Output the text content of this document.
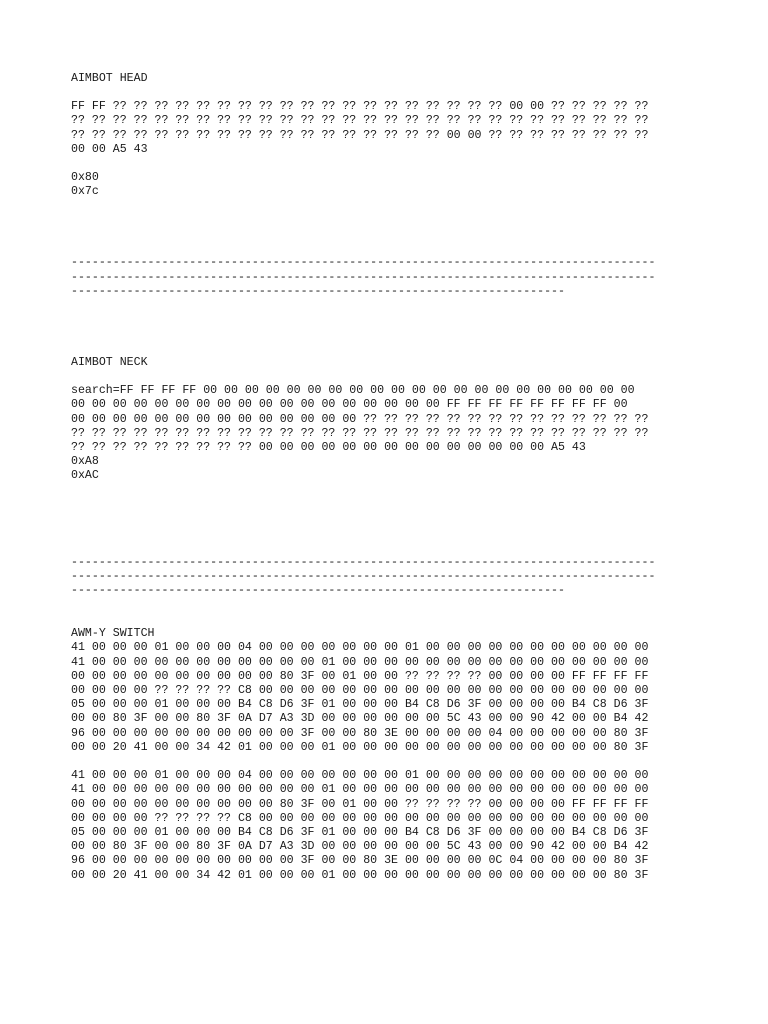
AIMBOT HEAD
FF FF ?? ?? ?? ?? ?? ?? ?? ?? ?? ?? ?? ?? ?? ?? ?? ?? ?? ?? ?? 00 00 ?? ?? ?? ?? ??
?? ?? ?? ?? ?? ?? ?? ?? ?? ?? ?? ?? ?? ?? ?? ?? ?? ?? ?? ?? ?? ?? ?? ?? ?? ?? ?? ??
?? ?? ?? ?? ?? ?? ?? ?? ?? ?? ?? ?? ?? ?? ?? ?? ?? ?? 00 00 ?? ?? ?? ?? ?? ?? ?? ??
00 00 A5 43
0x80
0x7c
------------------------------------------------------------------------------------
------------------------------------------------------------------------------------
-----------------------------------------------------------------------
AIMBOT NECK
search=FF FF FF FF 00 00 00 00 00 00 00 00 00 00 00 00 00 00 00 00 00 00 00 00 00
00 00 00 00 00 00 00 00 00 00 00 00 00 00 00 00 00 00 FF FF FF FF FF FF FF FF 00
00 00 00 00 00 00 00 00 00 00 00 00 00 00 ?? ?? ?? ?? ?? ?? ?? ?? ?? ?? ?? ?? ?? ??
?? ?? ?? ?? ?? ?? ?? ?? ?? ?? ?? ?? ?? ?? ?? ?? ?? ?? ?? ?? ?? ?? ?? ?? ?? ?? ?? ??
?? ?? ?? ?? ?? ?? ?? ?? ?? 00 00 00 00 00 00 00 00 00 00 00 00 00 00 A5 43
0xA8
0xAC
------------------------------------------------------------------------------------
------------------------------------------------------------------------------------
-----------------------------------------------------------------------
AWM-Y SWITCH
41 00 00 00 01 00 00 00 04 00 00 00 00 00 00 00 01 00 00 00 00 00 00 00 00 00 00 00
41 00 00 00 00 00 00 00 00 00 00 00 01 00 00 00 00 00 00 00 00 00 00 00 00 00 00 00
00 00 00 00 00 00 00 00 00 00 80 3F 00 01 00 00 ?? ?? ?? ?? 00 00 00 00 FF FF FF FF
00 00 00 00 ?? ?? ?? ?? C8 00 00 00 00 00 00 00 00 00 00 00 00 00 00 00 00 00 00 00
05 00 00 00 01 00 00 00 B4 C8 D6 3F 01 00 00 00 B4 C8 D6 3F 00 00 00 00 B4 C8 D6 3F
00 00 80 3F 00 00 80 3F 0A D7 A3 3D 00 00 00 00 00 00 5C 43 00 00 90 42 00 00 B4 42
96 00 00 00 00 00 00 00 00 00 00 3F 00 00 80 3E 00 00 00 00 04 00 00 00 00 00 80 3F
00 00 20 41 00 00 34 42 01 00 00 00 01 00 00 00 00 00 00 00 00 00 00 00 00 00 80 3F
41 00 00 00 01 00 00 00 04 00 00 00 00 00 00 00 01 00 00 00 00 00 00 00 00 00 00 00
41 00 00 00 00 00 00 00 00 00 00 00 01 00 00 00 00 00 00 00 00 00 00 00 00 00 00 00
00 00 00 00 00 00 00 00 00 00 80 3F 00 01 00 00 ?? ?? ?? ?? 00 00 00 00 FF FF FF FF
00 00 00 00 ?? ?? ?? ?? C8 00 00 00 00 00 00 00 00 00 00 00 00 00 00 00 00 00 00 00
05 00 00 00 01 00 00 00 B4 C8 D6 3F 01 00 00 00 B4 C8 D6 3F 00 00 00 00 B4 C8 D6 3F
00 00 80 3F 00 00 80 3F 0A D7 A3 3D 00 00 00 00 00 00 5C 43 00 00 90 42 00 00 B4 42
96 00 00 00 00 00 00 00 00 00 00 3F 00 00 80 3E 00 00 00 00 0C 04 00 00 00 00 80 3F
00 00 20 41 00 00 34 42 01 00 00 00 01 00 00 00 00 00 00 00 00 00 00 00 00 00 80 3F
